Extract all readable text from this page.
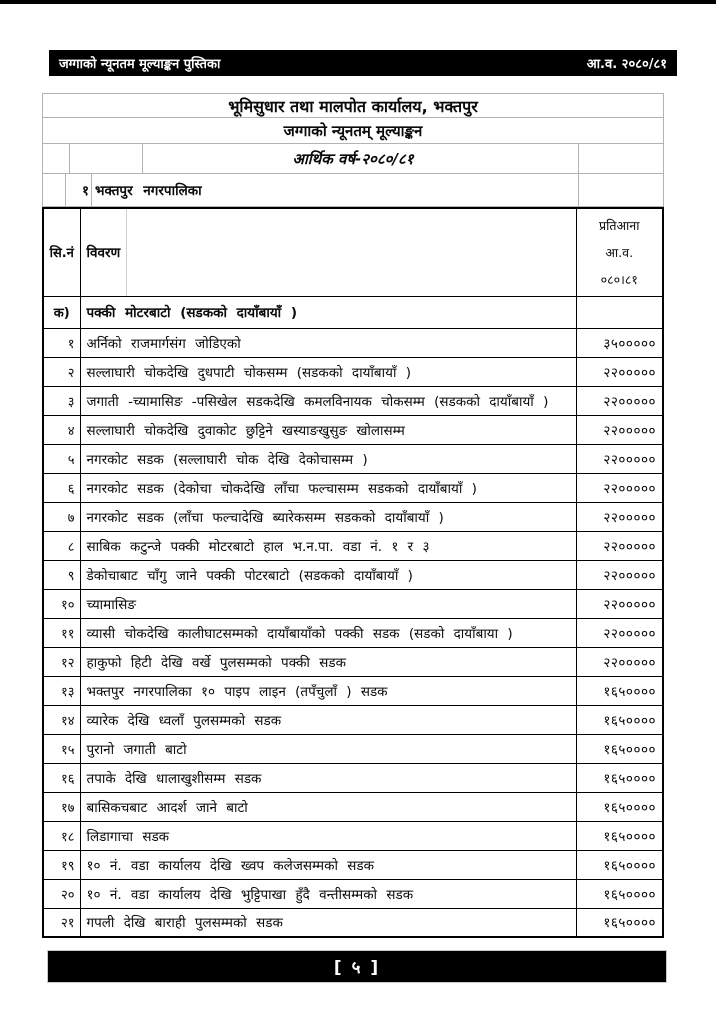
जग्गाको न्यूनतम मूल्याङ्कन पुस्तिका	आ.व. २०८०/८१
भूमिसुधार तथा मालपोत कार्यालय, भक्तपुर
जग्गाको न्यूनतम् मूल्याङ्कन
आर्थिक वर्ष-२०८०/८१
१ भक्तपुर नगरपालिका
सि.नं	विवरण	प्रतिआना
आ.व.
०८०।८१

क)	पक्की मोटरबाटो (सडकको दायाँबायाँ )	
१	अर्निको राजमार्गसंग जोडिएको	३५०००००
२	सल्लाघारी चोकदेखि दुधपाटी चोकसम्म (सडकको दायाँबायाँ )	२२०००००
३	जगाती -च्यामासिङ -पसिखेल सडकदेखि कमलविनायक चोकसम्म (सडकको दायाँबायाँ )	२२०००००
४	सल्लाघारी चोकदेखि दुवाकोट छुट्टिने खस्याङखुसुङ खोलासम्म	२२०००००
५	नगरकोट सडक (सल्लाघारी चोक देखि देकोचासम्म )	२२०००००
६	नगरकोट सडक (देकोचा चोकदेखि लाँचा फल्चासम्म सडकको दायाँबायाँ )	२२०००००
७	नगरकोट सडक (लाँचा फल्चादेखि ब्यारेकसम्म सडकको दायाँबायाँ )	२२०००००
८	साबिक कटुन्जे पक्की मोटरबाटो हाल भ.न.पा. वडा नं. १ र ३	२२०००००
९	डेकोचाबाट चाँगु जाने पक्की पोटरबाटो (सडकको दायाँबायाँ )	२२०००००
१०	च्यामासिङ	२२०००००
११	व्यासी चोकदेखि कालीघाटसम्मको दायाँबायाँको पक्की सडक (सडको दायाँबाया )	२२०००००
१२	हाकुफो हिटी देखि वर्खे पुलसम्मको पक्की सडक	२२०००००
१३	भक्तपुर नगरपालिका १० पाइप लाइन (तपँचुलाँ ) सडक	१६५००००
१४	व्यारेक देखि ध्वलाँ पुलसम्मको सडक	१६५००००
१५	पुरानो जगाती बाटो	१६५००००
१६	तपाके देखि धालाखुशीसम्म सडक	१६५००००
१७	बासिकचबाट आदर्श जाने बाटो	१६५००००
१८	लिडागाचा सडक	१६५००००
१९	१० नं. वडा कार्यालय देखि ख्वप कलेजसम्मको सडक	१६५००००
२०	१० नं. वडा कार्यालय देखि भुट्टिपाखा हुँदै वन्तीसम्मको सडक	१६५००००
२१	गपली देखि बाराही पुलसम्मको सडक	१६५००००
[ ५ ]
